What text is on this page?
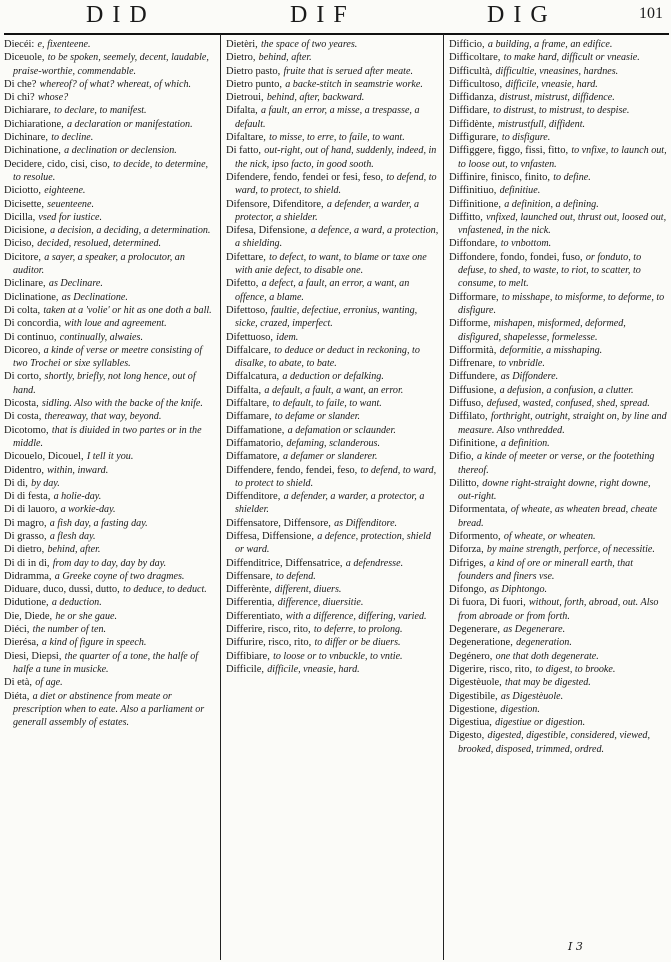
DID	DIF	DIG	101

Diecéi: e, fixenteene.

Diceuole, to be spoken, seemely, decent, laudable, praise-worthie, commendable.

Di che? whereof? of what? whereat, of which.

Di chi? whose?

Dichiarare, to declare, to manifest.

Dichiaratione, a declaration or manifestation.

Dichinare, to decline.

Dichinatione, a declination or declension.

Decidere, cido, cisi, ciso, to decide, to determine, to resolue.

Diciotto, eighteene.

Dicisette, seuenteene.

Dicilla, vsed for iustice.

Dicisione, a decision, a deciding, a determination.

Diciso, decided, resolued, determined.

Dicitore, a sayer, a speaker, a prolocutor, an auditor.

Diclinare, as Declinare.

Diclinatione, as Declinatione.

Di colta, taken at a 'volie' or hit as one doth a ball.

Di concordia, with loue and agreement.

Di continuo, continually, alwaies.

Dicoreo, a kinde of verse or meetre consisting of two Trochei or sixe syllables.

Di corto, shortly, briefly, not long hence, out of hand.

Dicosta, sidling. Also with the backe of the knife.

Di costa, thereaway, that way, beyond.

Dicotomo, that is diuided in two partes or in the middle.

Dicouelo, Dicouel, I tell it you.

Didentro, within, inward.

Di di, by day.

Di di festa, a holie-day.

Di di lauoro, a workie-day.

Di magro, a fish day, a fasting day.

Di grasso, a flesh day.

Di dietro, behind, after.

Di di in di, from day to day, day by day.

Didramma, a Greeke coyne of two dragmes.

Diduare, duco, dussi, dutto, to deduce, to deduct.

Didutione, a deduction.

Die, Diede, he or she gaue.

Diéci, the number of ten.

Dierésa, a kind of figure in speech.

Diesi, Diepsi, the quarter of a tone, the halfe of halfe a tune in musicke.

Di età, of age.

Diéta, a diet or abstinence from meate or prescription when to eate. Also a parliament or generall assembly of estates.

Dietèri, the space of two yeares.

Dietro, behind, after.

Dietro pasto, fruite that is serued after meate.

Dietro punto, a backe-stitch in seamstrie worke.

Dietroui, behind, after, backward.

Difalta, a fault, an error, a misse, a trespasse, a default.

Difaltare, to misse, to erre, to faile, to want.

Di fatto, out-right, out of hand, suddenly, indeed, in the nick, ipso facto, in good sooth.

Difendere, fendo, fendei or fesi, feso, to defend, to ward, to protect, to shield.

Difensore, Difenditore, a defender, a warder, a protector, a shielder.

Difesa, Difensione, a defence, a ward, a protection, a shielding.

Difettare, to defect, to want, to blame or taxe one with anie defect, to disable one.

Difetto, a defect, a fault, an error, a want, an offence, a blame.

Difettoso, faultie, defectiue, erronius, wanting, sicke, crazed, imperfect.

Difettuoso, idem.

Diffalcare, to deduce or deduct in reckoning, to disalke, to abate, to bate.

Diffalcatura, a deduction or defalking.

Diffalta, a default, a fault, a want, an error.

Diffaltare, to default, to faile, to want.

Diffamare, to defame or slander.

Diffamatione, a defamation or sclaunder.

Diffamatorio, defaming, sclanderous.

Diffamatore, a defamer or slanderer.

Diffendere, fendo, fendei, feso, to defend, to ward, to protect to shield.

Diffenditore, a defender, a warder, a protector, a shielder.

Diffensatore, Diffensore, as Diffenditore.

Diffesa, Diffensione, a defence, protection, shield or ward.

Diffenditrice, Diffensatrice, a defendresse.

Diffensare, to defend.

Differènte, different, diuers.

Differentia, difference, diuersitie.

Differentiato, with a difference, differing, varied.

Differire, risco, rito, to deferre, to prolong.

Diffurire, risco, rito, to differ or be diuers.

Diffibiare, to loose or to vnbuckle, to vntie.

Difficile, difficile, vneasie, hard.

Difficio, a building, a frame, an edifice.

Difficoltare, to make hard, difficult or vneasie.

Difficultà, difficultie, vneasines, hardnes.

Difficultoso, difficile, vneasie, hard.

Diffidanza, distrust, mistrust, diffidence.

Diffidare, to distrust, to mistrust, to despise.

Diffidènte, mistrustfull, diffident.

Diffigurare, to disfigure.

Diffiggere, figgo, fissi, fitto, to vnfixe, to launch out, to loose out, to vnfasten.

Diffinire, finisco, finito, to define.

Diffinitiuo, definitiue.

Diffinitione, a definition, a defining.

Diffitto, vnfixed, launched out, thrust out, loosed out, vnfastened, in the nick.

Diffondare, to vnbottom.

Diffondere, fondo, fondei, fuso, or fonduto, to defuse, to shed, to waste, to riot, to scatter, to consume, to melt.

Difformare, to misshape, to misforme, to deforme, to disfigure.

Difforme, mishapen, misformed, deformed, disfigured, shapelesse, formelesse.

Difformità, deformitie, a misshaping.

Diffrenare, to vnbridle.

Diffundere, as Diffondere.

Diffusione, a defusion, a confusion, a clutter.

Diffuso, defused, wasted, confused, shed, spread.

Diffilato, forthright, outright, straight on, by line and measure. Also vnthredded.

Difinitione, a definition.

Difio, a kinde of meeter or verse, or the footething thereof.

Dilitto, downe right-straight downe, right downe, out-right.

Diformentata, of wheate, as wheaten bread, cheate bread.

Diformento, of wheate, or wheaten.

Diforza, by maine strength, perforce, of necessitie.

Difriges, a kind of ore or minerall earth, that founders and finers vse.

Difongo, as Diphtongo.

Di fuora, Di fuori, without, forth, abroad, out. Also from abroade or from forth.

Degenerare, as Degenerare.

Degeneratione, degeneration.

Degénero, one that doth degenerate.

Digerire, risco, rito, to digest, to brooke.

Digestèuole, that may be digested.

Digestibile, as Digestèuole.

Digestione, digestion.

Digestiua, digestiue or digestion.

Digesto, digested, digestible, considered, viewed, brooked, disposed, trimmed, ordred.

I 3
